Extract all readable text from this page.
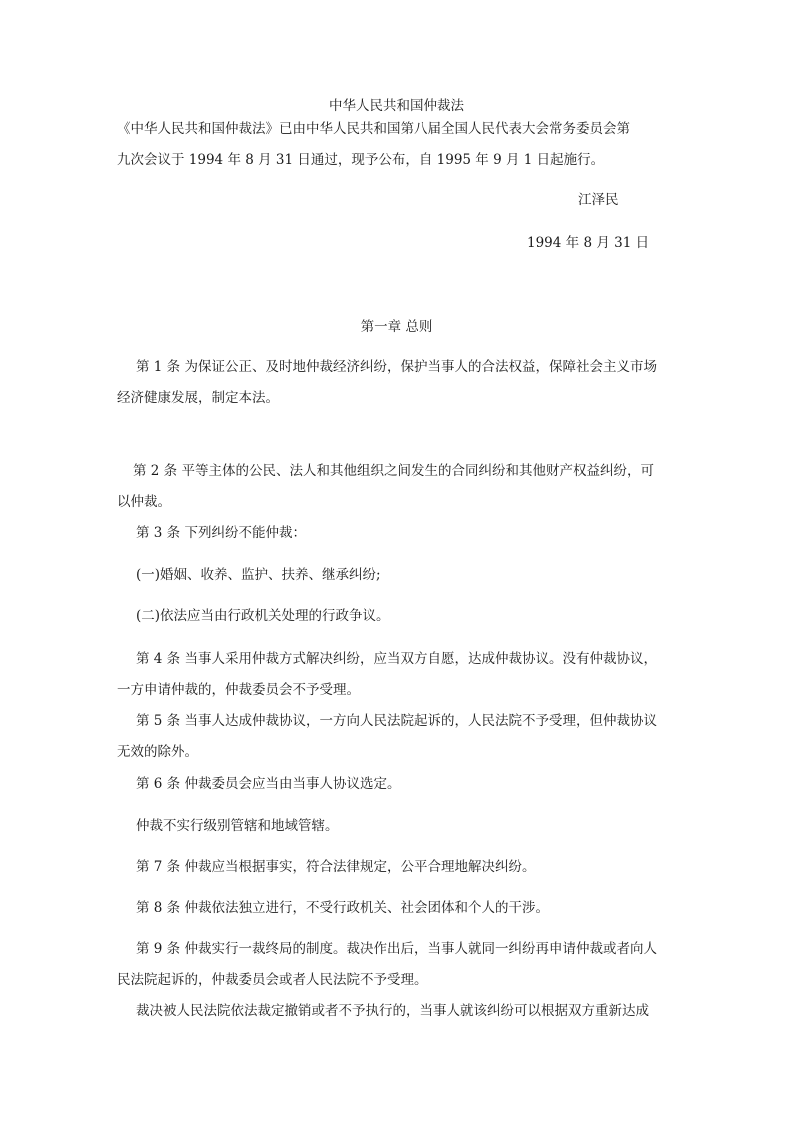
中华人民共和国仲裁法
《中华人民共和国仲裁法》已由中华人民共和国第八届全国人民代表大会常务委员会第
九次会议于 1994 年 8 月 31 日通过，现予公布，自 1995 年 9 月 1 日起施行。
江泽民
1994 年 8 月 31 日
第一章 总则
第 1 条 为保证公正、及时地仲裁经济纠纷，保护当事人的合法权益，保障社会主义市场
经济健康发展，制定本法。
第 2 条 平等主体的公民、法人和其他组织之间发生的合同纠纷和其他财产权益纠纷，可
以仲裁。
第 3 条 下列纠纷不能仲裁：
(一)婚姻、收养、监护、扶养、继承纠纷;
(二)依法应当由行政机关处理的行政争议。
第 4 条 当事人采用仲裁方式解决纠纷，应当双方自愿，达成仲裁协议。没有仲裁协议，
一方申请仲裁的，仲裁委员会不予受理。
第 5 条 当事人达成仲裁协议，一方向人民法院起诉的，人民法院不予受理，但仲裁协议
无效的除外。
第 6 条 仲裁委员会应当由当事人协议选定。
仲裁不实行级别管辖和地域管辖。
第 7 条 仲裁应当根据事实，符合法律规定，公平合理地解决纠纷。
第 8 条 仲裁依法独立进行，不受行政机关、社会团体和个人的干涉。
第 9 条 仲裁实行一裁终局的制度。裁决作出后，当事人就同一纠纷再申请仲裁或者向人
民法院起诉的，仲裁委员会或者人民法院不予受理。
裁决被人民法院依法裁定撤销或者不予执行的，当事人就该纠纷可以根据双方重新达成
